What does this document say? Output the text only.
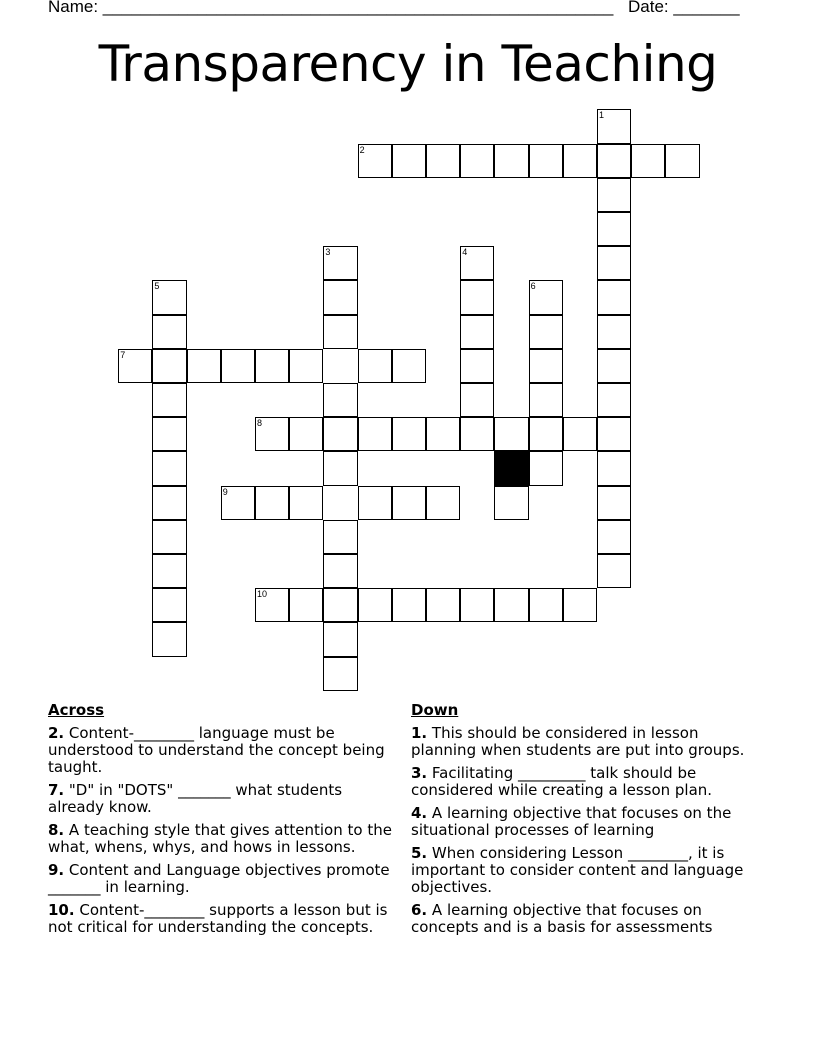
Name: ______________________________________________________ Date: _______
Transparency in Teaching
1
2
3	4
5	6
7
8
9
10
Across
2. Content-________ language must be understood to understand the concept being taught.
7. "D" in "DOTS" _______ what students already know.
8. A teaching style that gives attention to the what, whens, whys, and hows in lessons.
9. Content and Language objectives promote _______ in learning.
10. Content-________ supports a lesson but is not critical for understanding the concepts.
Down
1. This should be considered in lesson planning when students are put into groups.
3. Facilitating _________ talk should be considered while creating a lesson plan.
4. A learning objective that focuses on the situational processes of learning
5. When considering Lesson ________, it is important to consider content and language objectives.
6. A learning objective that focuses on concepts and is a basis for assessments
